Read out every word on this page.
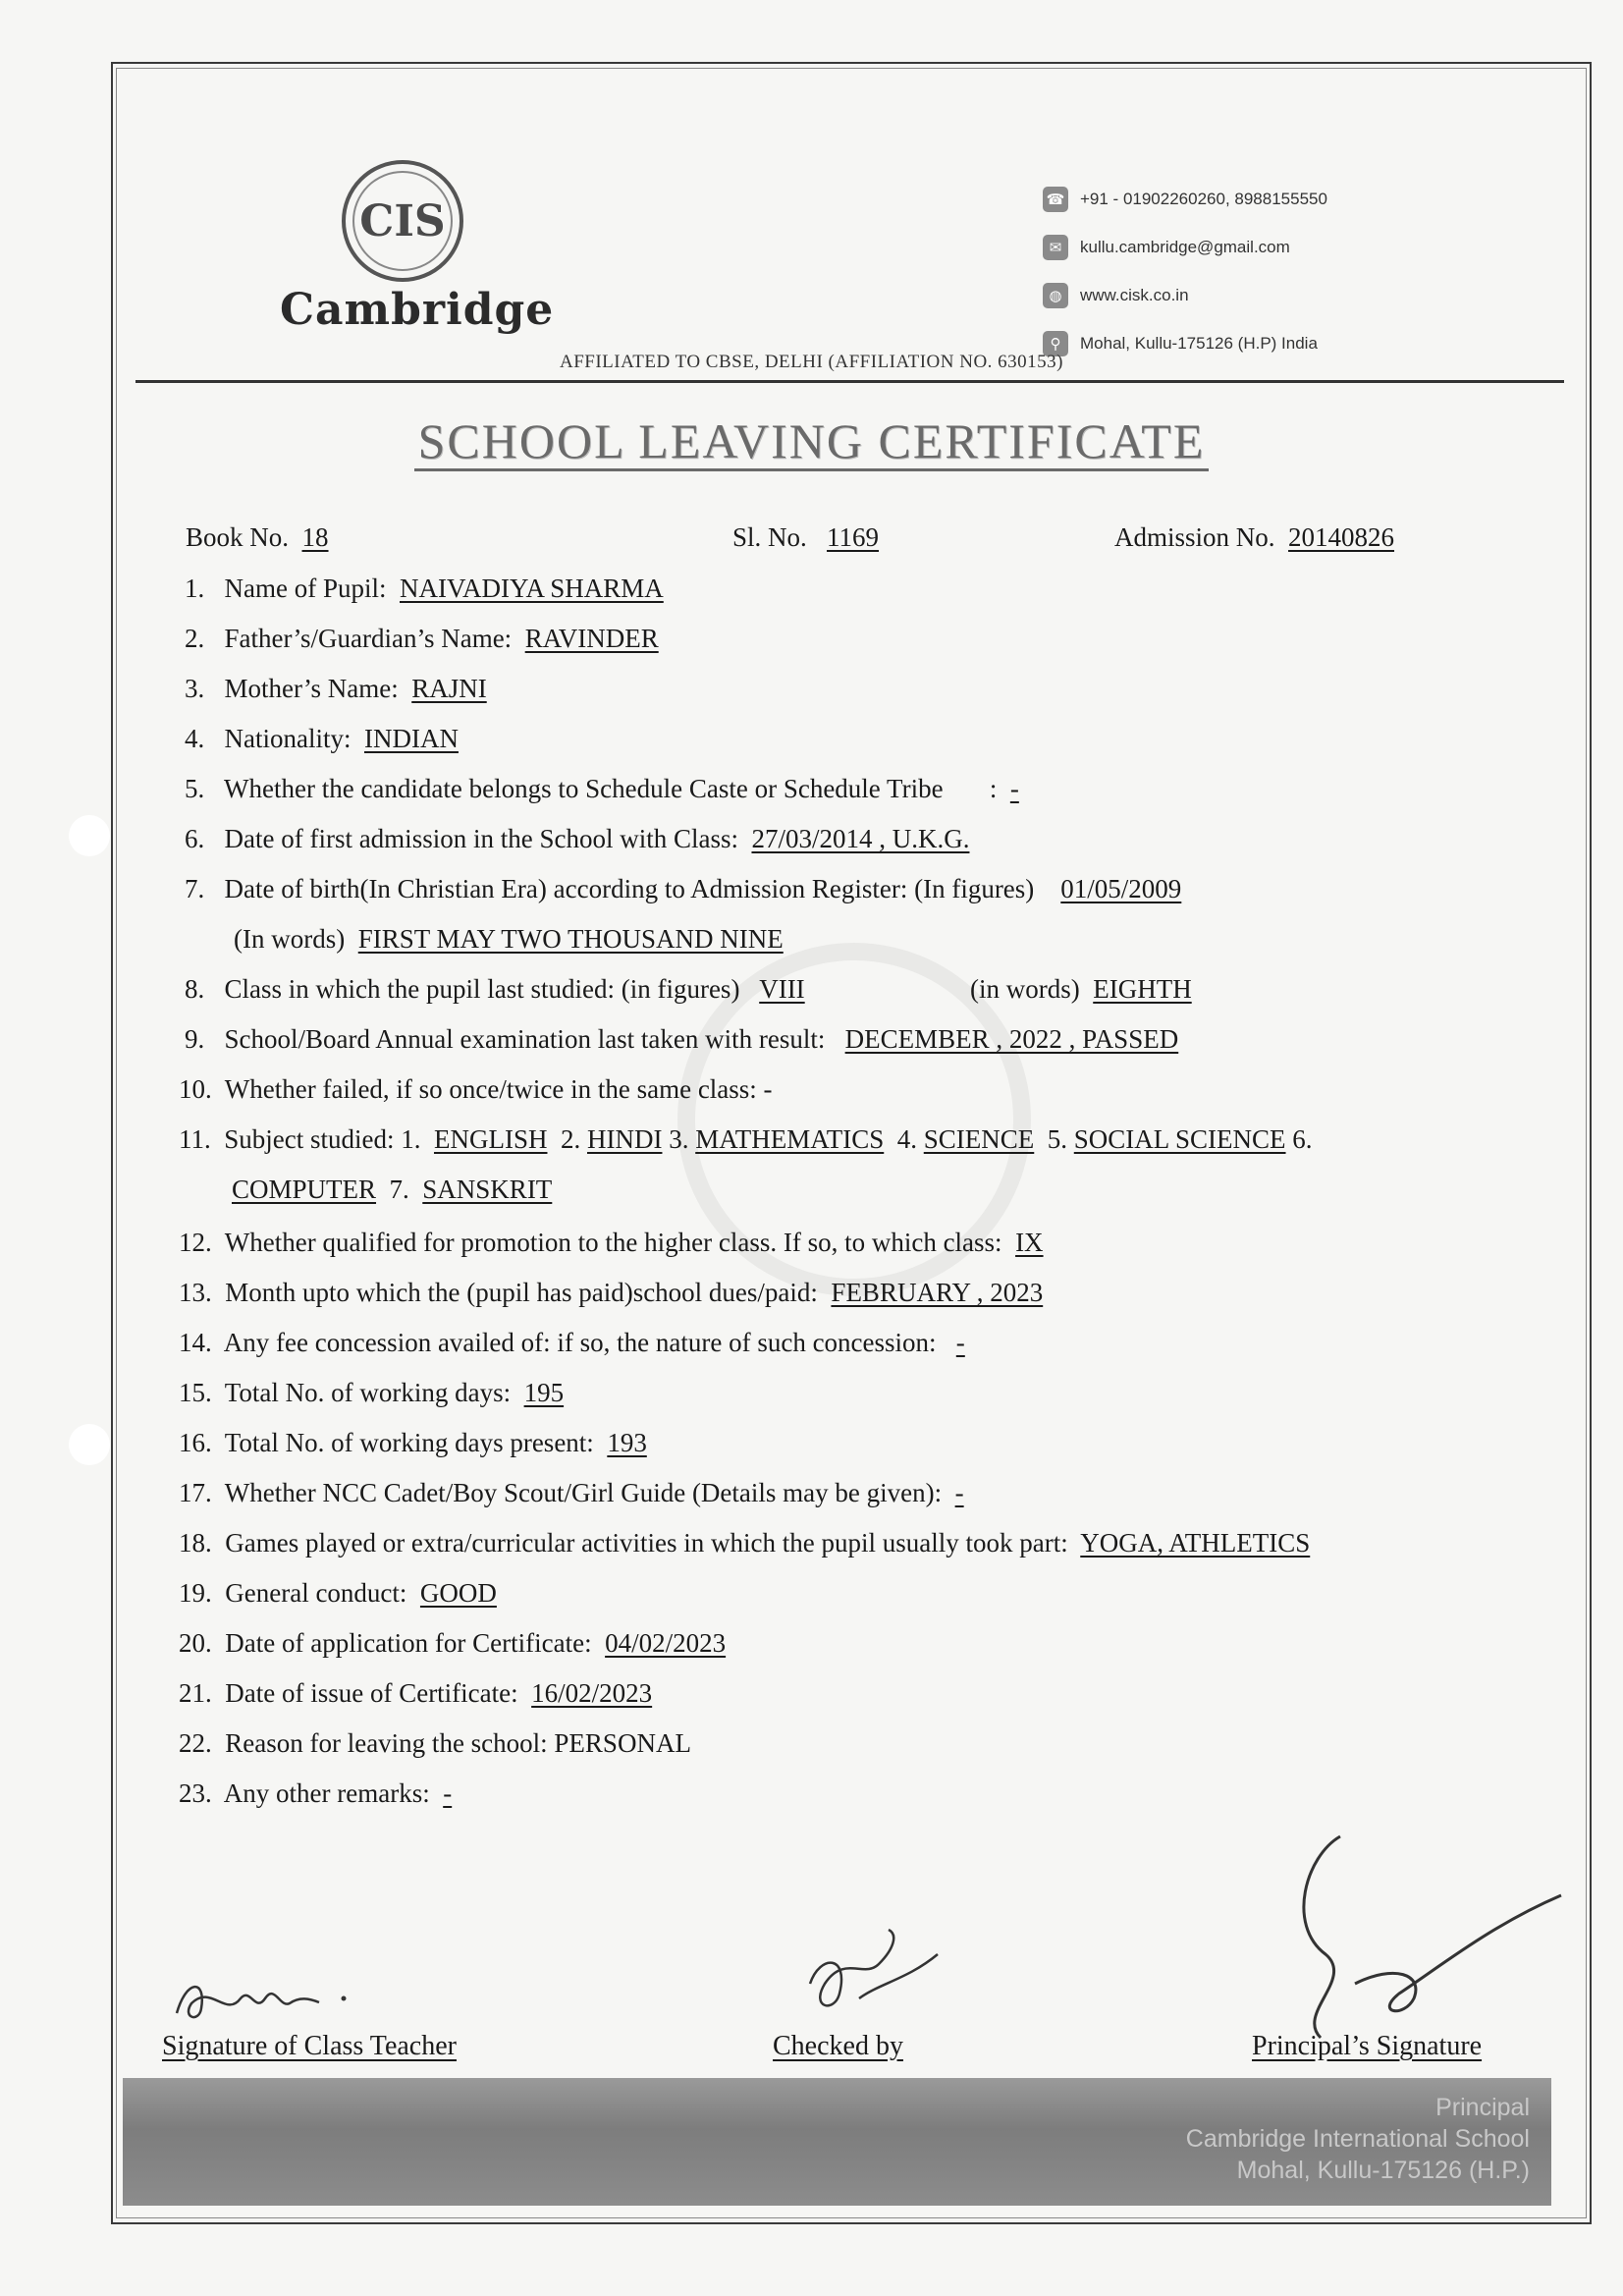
CIS
Cambridge
☎ +91 - 01902260260, 8988155550
✉	kullu.cambridge@gmail.com
◍	www.cisk.co.in
⚲	Mohal, Kullu-175126 (H.P) India
AFFILIATED TO CBSE, DELHI (AFFILIATION NO. 630153)
SCHOOL LEAVING CERTIFICATE
Book No. 18	Sl. No. 1169	Admission No. 20140826
1. Name of Pupil: NAIVADIYA SHARMA
2. Father’s/Guardian’s Name: RAVINDER
3. Mother’s Name: RAJNI
4. Nationality: INDIAN
5. Whether the candidate belongs to Schedule Caste or Schedule Tribe : -
6. Date of first admission in the School with Class: 27/03/2014 , U.K.G.
7. Date of birth(In Christian Era) according to Admission Register: (In figures) 01/05/2009
(In words) FIRST MAY TWO THOUSAND NINE
8. Class in which the pupil last studied: (in figures) VIII	(in words) EIGHTH
9. School/Board Annual examination last taken with result: DECEMBER , 2022 , PASSED
10. Whether failed, if so once/twice in the same class: -
11. Subject studied: 1. ENGLISH 2. HINDI 3. MATHEMATICS 4. SCIENCE 5. SOCIAL SCIENCE 6.
COMPUTER 7. SANSKRIT
12. Whether qualified for promotion to the higher class. If so, to which class: IX
13. Month upto which the (pupil has paid)school dues/paid: FEBRUARY , 2023
14. Any fee concession availed of: if so, the nature of such concession: -
15. Total No. of working days: 195
16. Total No. of working days present: 193
17. Whether NCC Cadet/Boy Scout/Girl Guide (Details may be given): -
18. Games played or extra/curricular activities in which the pupil usually took part: YOGA, ATHLETICS
19. General conduct: GOOD
20. Date of application for Certificate: 04/02/2023
21. Date of issue of Certificate: 16/02/2023
22. Reason for leaving the school: PERSONAL
23. Any other remarks: -
Signature of Class Teacher	Checked by	Principal’s Signature
Principal
Cambridge International School
Mohal, Kullu-175126 (H.P.)
